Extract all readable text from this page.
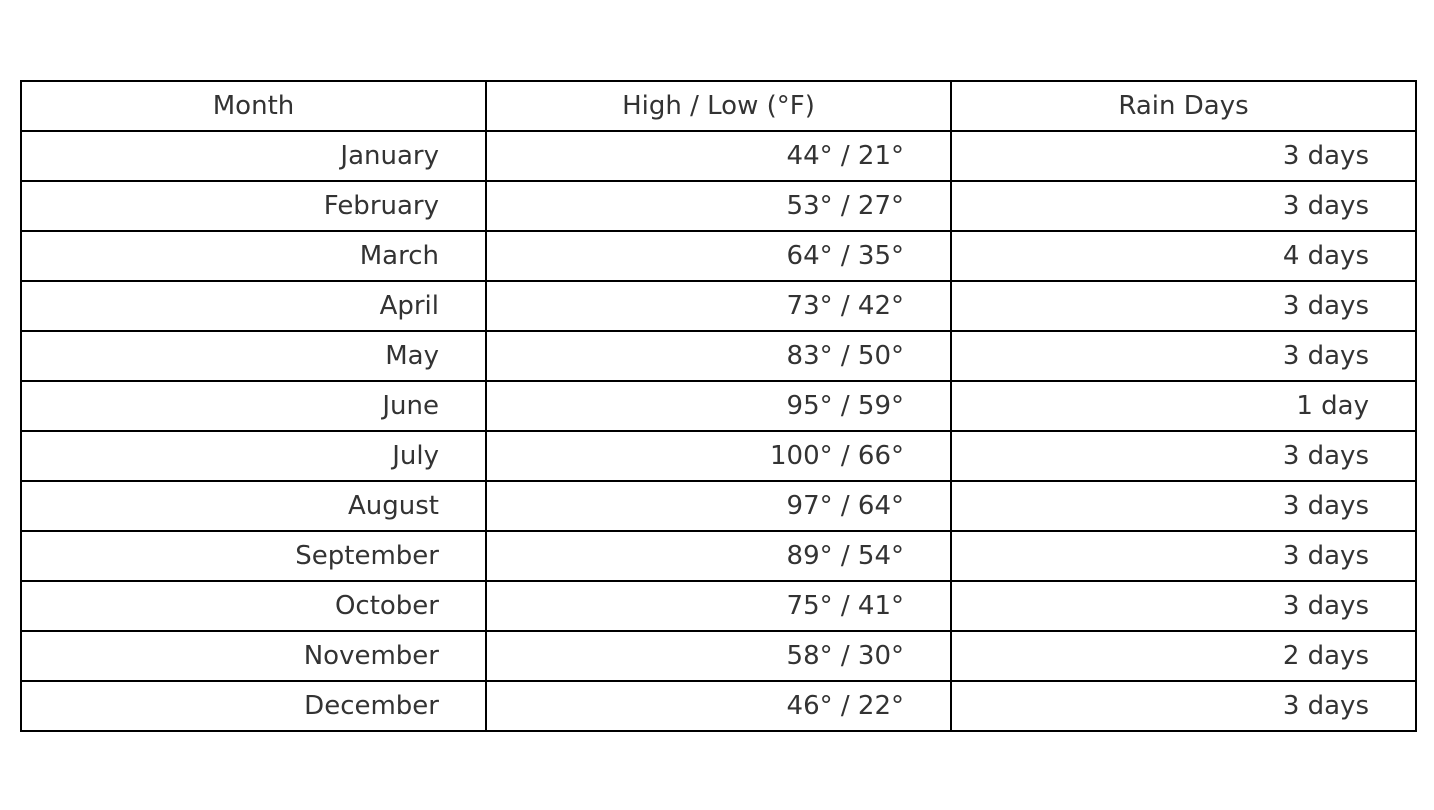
Month	High / Low (°F)	Rain Days
January	44° / 21°	3 days
February	53° / 27°	3 days
March	64° / 35°	4 days
April	73° / 42°	3 days
May	83° / 50°	3 days
June	95° / 59°	1 day
July	100° / 66°	3 days
August	97° / 64°	3 days
September	89° / 54°	3 days
October	75° / 41°	3 days
November	58° / 30°	2 days
December	46° / 22°	3 days
